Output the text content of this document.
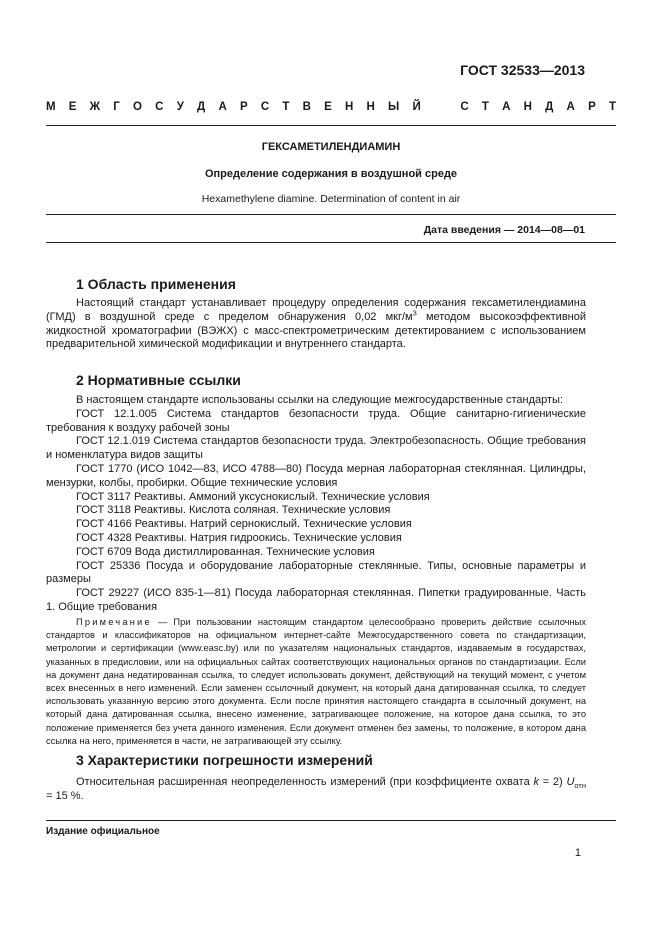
ГОСТ 32533—2013
М Е Ж Г О С У Д А Р С Т В Е Н Н Ы Й	С Т А Н Д А Р Т
ГЕКСАМЕТИЛЕНДИАМИН
Определение содержания в воздушной среде
Hexamethylene diamine. Determination of content in air
Дата введения — 2014—08—01
1 Область применения

Настоящий стандарт устанавливает процедуру определения содержания гексаметилендиамина (ГМД) в воздушной среде с пределом обнаружения 0,02 мкг/$м^3$ методом высокоэффективной жидкостной хроматографии (ВЭЖХ) с масс-спектрометрическим детектированием с использованием предварительной химической модификации и внутреннего стандарта.

2 Нормативные ссылки

В настоящем стандарте использованы ссылки на следующие межгосударственные стандарты:

ГОСТ 12.1.005 Система стандартов безопасности труда. Общие санитарно-гигиенические требования к воздуху рабочей зоны

ГОСТ 12.1.019 Система стандартов безопасности труда. Электробезопасность. Общие требования и номенклатура видов защиты

ГОСТ 1770 (ИСО 1042—83, ИСО 4788—80) Посуда мерная лабораторная стеклянная. Цилиндры, мензурки, колбы, пробирки. Общие технические условия

ГОСТ 3117 Реактивы. Аммоний уксуснокислый. Технические условия

ГОСТ 3118 Реактивы. Кислота соляная. Технические условия

ГОСТ 4166 Реактивы. Натрий сернокислый. Технические условия

ГОСТ 4328 Реактивы. Натрия гидроокись. Технические условия

ГОСТ 6709 Вода дистиллированная. Технические условия

ГОСТ 25336 Посуда и оборудование лабораторные стеклянные. Типы, основные параметры и размеры

ГОСТ 29227 (ИСО 835-1—81) Посуда лабораторная стеклянная. Пипетки градуированные. Часть 1. Общие требования

Примечание — При пользовании настоящим стандартом целесообразно проверить действие ссылочных стандартов и классификаторов на официальном интернет-сайте Межгосударственного совета по стандартизации, метрологии и сертификации (www.easc.by) или по указателям национальных стандартов, издаваемым в государствах, указанных в предисловии, или на официальных сайтах соответствующих национальных органов по стандартизации. Если на документ дана недатированная ссылка, то следует использовать документ, действующий на текущий момент, с учетом всех внесенных в него изменений. Если заменен ссылочный документ, на который дана датированная ссылка, то следует использовать указанную версию этого документа. Если после принятия настоящего стандарта в ссылочный документ, на который дана датированная ссылка, внесено изменение, затрагивающее положение, на которое дана ссылка, то это положение применяется без учета данного изменения. Если документ отменен без замены, то положение, в котором дана ссылка на него, применяется в части, не затрагивающей эту ссылку.

3 Характеристики погрешности измерений

Относительная расширенная неопределенность измерений (при коэффициенте охвата k = 2) $U_{отн} = 15$ %.

Издание официальное
1
